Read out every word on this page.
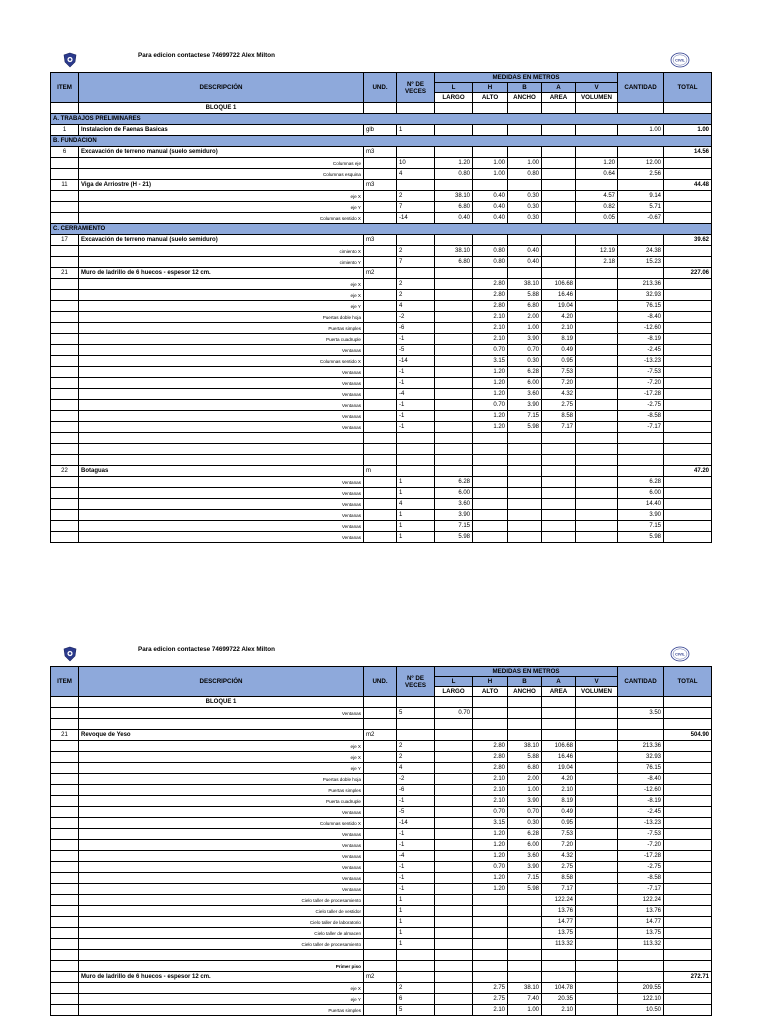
Para edicion contactese 74699722 Alex Milton
CIVIL
ITEM	DESCRIPCIÓN	UND.	Nº DE VECES	MEDIDAS EN METROS					CANTIDAD	TOTAL
				L	H	B	A	V		
				LARGO	ALTO	ANCHO	AREA	VOLUMEN		
	BLOQUE 1									
A. TRABAJOS PRELIMINARES										
1	Instalacion de Faenas Basicas	glb	1						1.00	1.00
B. FUNDACION										
6	Excavación de terreno manual (suelo semiduro)	m3								14.56
	Columnas eje		10	1.20	1.00	1.00		1.20	12.00	
	Columnas esquina		4	0.80	1.00	0.80		0.64	2.56	
11	Viga de Arriostre (H - 21)	m3								44.48
	eje X		2	38.10	0.40	0.30		4.57	9.14	
	eje Y		7	6.80	0.40	0.30		0.82	5.71	
	Columnas sentido X		-14	0.40	0.40	0.30		0.05	-0.67	
C. CERRAMIENTO										
17	Excavación de terreno manual (suelo semiduro)	m3								39.62
	cimiento X		2	38.10	0.80	0.40		12.19	24.38	
	cimiento Y		7	6.80	0.80	0.40		2.18	15.23	
21	Muro de ladrillo de 6 huecos - espesor 12 cm.	m2								227.06
	eje X		2		2.80	38.10	106.68		213.36	
	eje X		2		2.80	5.88	16.46		32.93	
	eje Y		4		2.80	6.80	19.04		76.15	
	Puertas doble hoja		-2		2.10	2.00	4.20		-8.40	
	Puertas simples		-6		2.10	1.00	2.10		-12.60	
	Puerta cuadruple		-1		2.10	3.90	8.19		-8.19	
	Ventanas		-5		0.70	0.70	0.49		-2.45	
	Columnas sentido X		-14		3.15	0.30	0.95		-13.23	
	Ventanas		-1		1.20	6.28	7.53		-7.53	
	Ventanas		-1		1.20	6.00	7.20		-7.20	
	Ventanas		-4		1.20	3.60	4.32		-17.28	
	Ventanas		-1		0.70	3.90	2.75		-2.75	
	Ventanas		-1		1.20	7.15	8.58		-8.58	
	Ventanas		-1		1.20	5.98	7.17		-7.17	

22	Botaguas	m								47.20
	Ventanas		1	6.28					6.28	
	Ventanas		1	6.00					6.00	
	Ventanas		4	3.60					14.40	
	Ventanas		1	3.90					3.90	
	Ventanas		1	7.15					7.15	
	Ventanas		1	5.98					5.98	
Para edicion contactese 74699722 Alex Milton
CIVIL
ITEM	DESCRIPCIÓN	UND.	Nº DE VECES	MEDIDAS EN METROS					CANTIDAD	TOTAL
				L	H	B	A	V		
				LARGO	ALTO	ANCHO	AREA	VOLUMEN		
	BLOQUE 1									
	Ventanas		5	0.70					3.50	

21	Revoque de Yeso	m2								504.90
	eje X		2		2.80	38.10	106.68		213.36	
	eje X		2		2.80	5.88	16.46		32.93	
	eje Y		4		2.80	6.80	19.04		76.15	
	Puertas doble hoja		-2		2.10	2.00	4.20		-8.40	
	Puertas simples		-6		2.10	1.00	2.10		-12.60	
	Puerta cuadruple		-1		2.10	3.90	8.19		-8.19	
	Ventanas		-5		0.70	0.70	0.49		-2.45	
	Columnas sentido X		-14		3.15	0.30	0.95		-13.23	
	Ventanas		-1		1.20	6.28	7.53		-7.53	
	Ventanas		-1		1.20	6.00	7.20		-7.20	
	Ventanas		-4		1.20	3.60	4.32		-17.28	
	Ventanas		-1		0.70	3.90	2.75		-2.75	
	Ventanas		-1		1.20	7.15	8.58		-8.58	
	Ventanas		-1		1.20	5.98	7.17		-7.17	
	Cielo taller de procesamiento		1				122.24		122.24	
	Cielo taller de vestidor		1				13.76		13.76	
	Cielo taller de laboratorio		1				14.77		14.77	
	Cielo taller de almacen		1				13.75		13.75	
	Cielo taller de procesamiento		1				113.32		113.32	

	Primer piso									
	Muro de ladrillo de 6 huecos - espesor 12 cm.	m2								272.71
	eje X		2		2.75	38.10	104.78		209.55	
	eje Y		6		2.75	7.40	20.35		122.10	
	Puertas simples		5		2.10	1.00	2.10		10.50	
